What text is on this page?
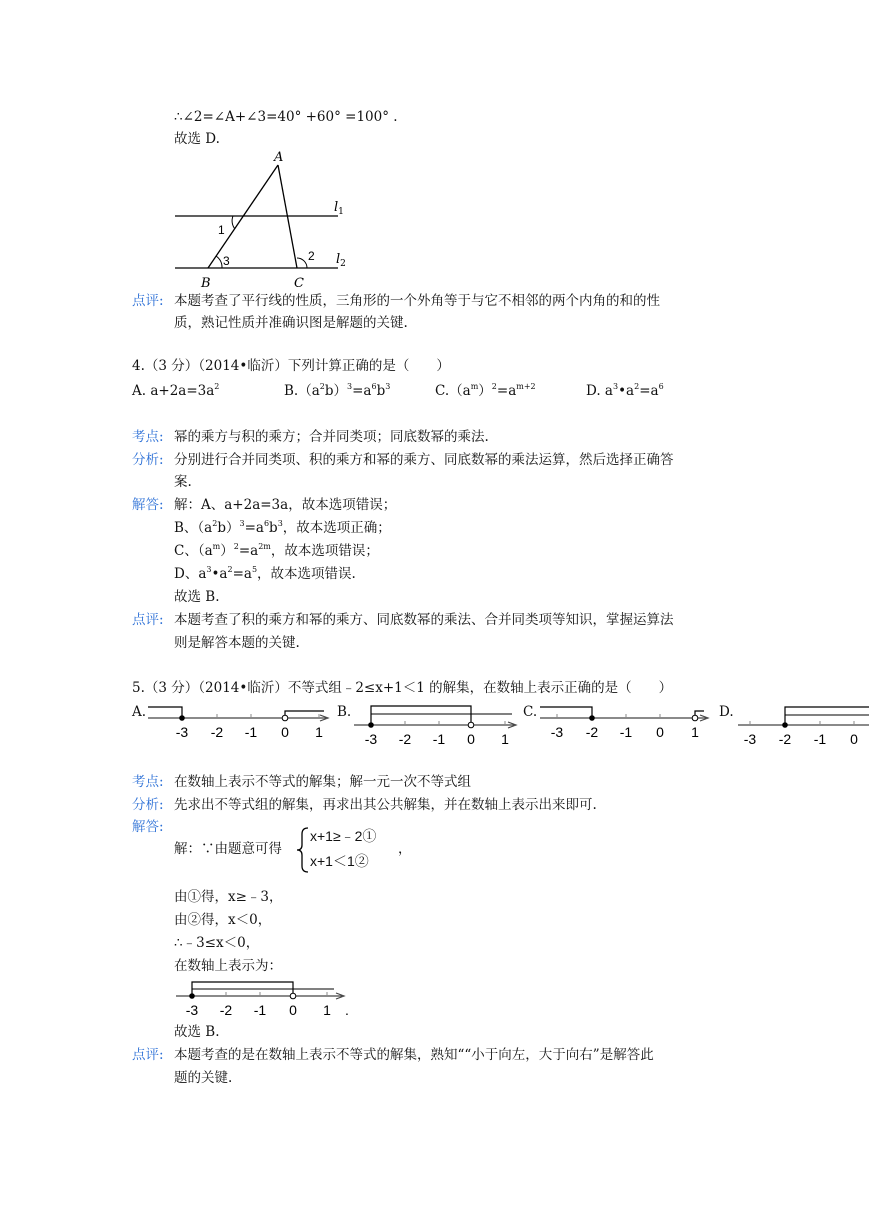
∴∠2=∠A+∠3=40° +60° =100° .
故选 D.
A
B	C
1
2
3
$l_1$
$l_2$
点评: 本题考查了平行线的性质，三角形的一个外角等于与它不相邻的两个内角的和的性
质，熟记性质并准确识图是解题的关键.
4.（3 分）（2014•临沂）下列计算正确的是（　　）
A. $a+2a=3a^2$	$B.(a^2b)^3=a^6b^3$	$C.(a^m)^2=a^{m+2}$	D. $a^3•a^2=a^6$
考点: 幂的乘方与积的乘方；合并同类项；同底数幂的乘法.
分析: 分别进行合并同类项、积的乘方和幂的乘方、同底数幂的乘法运算，然后选择正确答
案.
解答: 解：A、a+2a=3a，故本选项错误；
B、$(a^2b)^3=a^6b^3$，故本选项正确；
C、$(a^m)^2=a^{2m}$，故本选项错误；
D、$a^3•a^2=a^5$，故本选项错误.
故选 B.
点评: 本题考查了积的乘方和幂的乘方、同底数幂的乘法、合并同类项等知识，掌握运算法
则是解答本题的关键.
5.（3 分）（2014•临沂）不等式组﹣2≤x+1＜1 的解集，在数轴上表示正确的是（　　）
A.	B.	C.	D.
-3 -2 -1 0 1	-3 -2 -1 0 1	-3 -2 -1 0 1	-3 -2 -1 0
考点: 在数轴上表示不等式的解集；解一元一次不等式组
分析: 先求出不等式组的解集，再求出其公共解集，并在数轴上表示出来即可.
解答:
解：∵由题意可得
x+1≥﹣2①
x+1＜1②
，
由①得，x≥﹣3，
由②得，x＜0，
∴﹣3≤x＜0，
在数轴上表示为：
-3 -2 -1 0 1 .
故选 B.
点评: 本题考查的是在数轴上表示不等式的解集，熟知““小于向左，大于向右”是解答此
题的关键.
